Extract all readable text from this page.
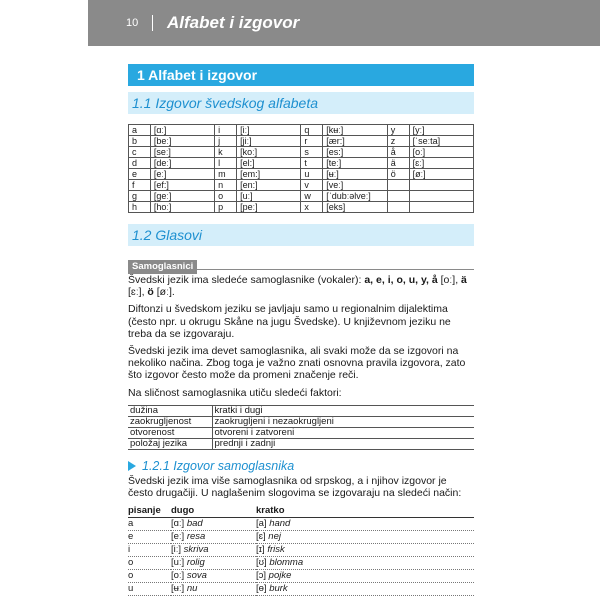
10	Alfabet i izgovor
1 Alfabet i izgovor
1.1 Izgovor švedskog alfabeta
a	[ɑː]	i	[iː]	q	[kʉː]	y	[yː]
b	[beː]	j	[jiː]	r	[ær:]	z	[ˈseːta]
c	[seː]	k	[koː]	s	[es:]	å	[oː]
d	[deː]	l	[el:]	t	[teː]	ä	[ɛː]
e	[eː]	m	[em:]	u	[ʉː]	ö	[øː]
f	[ef:]	n	[en:]	v	[veː]		
g	[geː]	o	[uː]	w	[ˈdubːəlveː]		
h	[hoː]	p	[peː]	x	[eks]		
1.2 Glasovi
Samoglasnici

Švedski jezik ima sledeće samoglasnike (vokaler): a, e, i, o, u, y, å [oː], ä [ɛː], ö [øː].

Diftonzi u švedskom jeziku se javljaju samo u regionalnim dijalektima (često npr. u okrugu Skåne na jugu Švedske). U književnom jeziku ne treba da se izgovaraju.

Švedski jezik ima devet samoglasnika, ali svaki može da se izgovori na nekoliko načina. Zbog toga je važno znati osnovna pravila izgovora, zato što izgovor često može da promeni značenje reči.

Na sličnost samoglasnika utiču sledeći faktori:

dužina	kratki i dugi
zaokrugljenost	zaokrugljeni i nezaokrugljeni
otvorenost	otvoreni i zatvoreni
položaj jezika	prednji i zadnji
1.2.1 Izgovor samoglasnika

Švedski jezik ima više samoglasnika od srpskog, a i njihov izgovor je često drugačiji. U naglašenim slogovima se izgovaraju na sledeći način:

pisanje	dugo	kratko
a	[ɑː] bad	[a] hand
e	[eː] resa	[ɛ] nej
i	[iː] skriva	[ɪ] frisk
o	[uː] rolig	[ʊ] blomma
o	[oː] sova	[ɔ] pojke
u	[ʉː] nu	[ɵ] burk
